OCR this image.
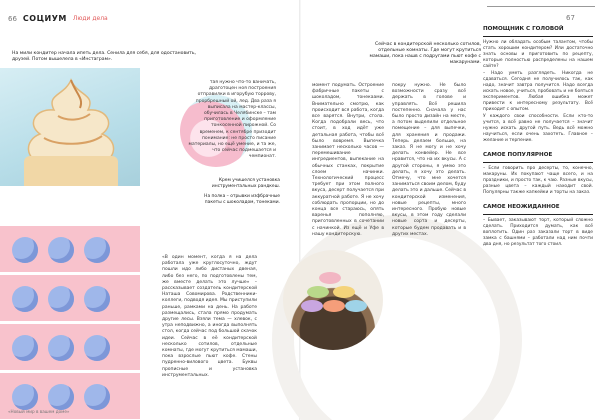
66 СОЦИУМ Люди дела	67
На мили кондитер начала ипеть дела. Сенила для себя, для одостановить, друзей. Потом вышелела в «Инстаграм».
Сейчас в кондитерской несколько сотилов, отдельные комнаты. Где могут крутиться мамаши, пока нашв с подругами пьют кофе с макарунами.

тая нужно что-то ваничать, драготоцен ноя построения отправилки в игорубую торрову, прорбрешный ой, лед. Два раза я выписала на мастер-классы, обучилась в Челябинске – там приготовление и оформление тонкосенной пирожной. Со временем, к сентябре призодит понимание: не просто писание материалы, но ещё умение, и та же, что сейчас подмешается и чемпионат.

Крем учишелся установка инструментальных рандкеш.
На полка – отрывки изфбрачные пакеты с шоколадом, тонеками.

«В один момент, когда я на дела работала уже круглосуточно, ждут пошли идо либо дистаных двеная, либо без него, по подготовлены тем, же вместе делать это лучше» – рассказывает создатель кондитерской Наташа Совомирова. Родственники-коллеги, подводя идея. Мы приступили раньше, рамками на день. На работе размещались, стала прямо продумать другие лесы. Взяли тема — хлевок, с утра неподвижно, а иногда выполнять стол, когда сейчас под большой скачок идеи. Сейчас в её кондитерской несколько сотилов, отдельные комнаты, где могут крутиться мамаши, пока взрослые пьют кофе. Стены пудренно-вилового цвета. Буквы прописные и установка инструментальных.

момент подумать. Остроение фабричные пакеты с шоколадом, тонекаами. Внимательно смотрю, как происходит вся работа, когда все варятся. Внутри, стола. Когда подобрали весь, что стоит, в ход идёт уже детальная работа, чтобы всё было вовремя. Выпечка занимает несколько часов — перемешивание ингредиентов, выпекание на обычных станках, покрытие слоем начинки. Технологический процесс требует при этом полного вкуса, десерт получается при аккуратной работе. Я не хочу соблюдать пропорции, но до конца все стараюсь, опять варенья пополняю, приготовленных в сочетании с начинкой. Из ещё и Уфе в нашу кондитерскую.

покру нужно. Не было возможности сразу всё держать в голове и управлять. Всё решила постепенно. Сначала у нас было просто дизайн на месте, а потом выделили отдельное помещение – для выпечки, для хранения и продажи. Теперь делаем больше, на заказ. Я не могу и не хочу делать конвейер. Не все нравится, что на их вкусы. А с другой стороны, я умею это делать, я хочу это делать. Отмечу, что мне хочется заниматься своим делом, буду делать это и дальше. Сейчас в кондитерской изменения, новые рецепты, много интересного. Пробую новые вкусы, в этом году сделали новые сорта и десерты, которые будем продавать и в других местах.

ПОМОЩНИК С ГОЛОВОЙ

Нужно ли обладать особым талантом, чтобы стать хорошим кондитером? Или достаточно знать основы и приготовить по рецепту, которые полностью распределены на нашем сайте?

– Надо уметь разглядеть. Никогда не сдаваться. Сегодня не получилось так, как надо, значит завтра получится. Надо всегда искать новое, учиться, пробовать и не бояться экспериментов. Любая ошибка может привести к интересному результату. Всё приходит с опытом.

У каждого свои способности. Если кто-то учится, а всё равно не получается – значит нужно искать другой путь. Ведь всё можно научиться, если очень захотеть. Главное – желание и терпение.

САМОЕ ПОПУЛЯРНОЕ

– Если говорить про десерты, то, конечно, макаруны. Их покупают чаще всего, и на праздники, и просто так, к чаю. Разные вкусы, разные цвета – каждый находит свой. Популярны также капкейки и торты на заказ.

САМОЕ НЕОЖИДАННОЕ

– Бывает, заказывают торт, который сложно сделать. Приходится думать, как всё воплотить. Один раз заказали торт в виде замка с башнями – работали над ним почти два дня, но результат того стоил.

«Новый мир в вашем доме»
